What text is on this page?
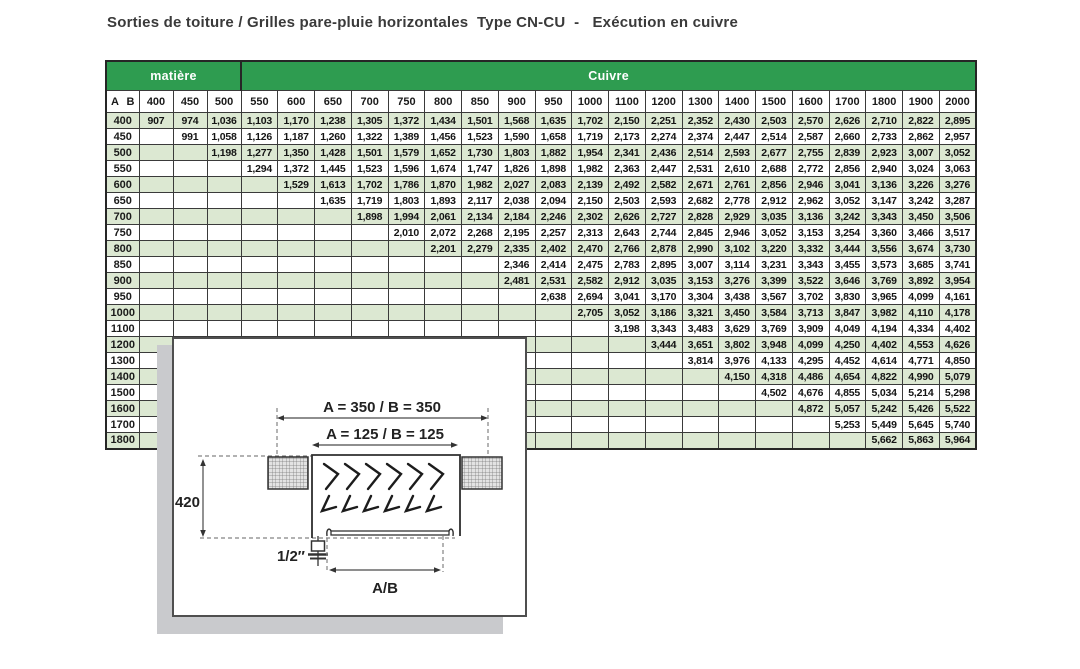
Sorties de toiture / Grilles pare-pluie horizontales  Type CN-CU  -   Exécution en cuivre
matière				Cuivre																			

A B	400	450	500	550	600	650	700	750	800	850	900	950	1000	1100	1200	1300	1400	1500	1600	1700	1800	1900	2000
400	907	974	1,036	1,103	1,170	1,238	1,305	1,372	1,434	1,501	1,568	1,635	1,702	2,150	2,251	2,352	2,430	2,503	2,570	2,626	2,710	2,822	2,895
450		991	1,058	1,126	1,187	1,260	1,322	1,389	1,456	1,523	1,590	1,658	1,719	2,173	2,274	2,374	2,447	2,514	2,587	2,660	2,733	2,862	2,957
500			1,198	1,277	1,350	1,428	1,501	1,579	1,652	1,730	1,803	1,882	1,954	2,341	2,436	2,514	2,593	2,677	2,755	2,839	2,923	3,007	3,052
550				1,294	1,372	1,445	1,523	1,596	1,674	1,747	1,826	1,898	1,982	2,363	2,447	2,531	2,610	2,688	2,772	2,856	2,940	3,024	3,063
600					1,529	1,613	1,702	1,786	1,870	1,982	2,027	2,083	2,139	2,492	2,582	2,671	2,761	2,856	2,946	3,041	3,136	3,226	3,276
650						1,635	1,719	1,803	1,893	2,117	2,038	2,094	2,150	2,503	2,593	2,682	2,778	2,912	2,962	3,052	3,147	3,242	3,287
700							1,898	1,994	2,061	2,134	2,184	2,246	2,302	2,626	2,727	2,828	2,929	3,035	3,136	3,242	3,343	3,450	3,506
750								2,010	2,072	2,268	2,195	2,257	2,313	2,643	2,744	2,845	2,946	3,052	3,153	3,254	3,360	3,466	3,517
800									2,201	2,279	2,335	2,402	2,470	2,766	2,878	2,990	3,102	3,220	3,332	3,444	3,556	3,674	3,730
850											2,346	2,414	2,475	2,783	2,895	3,007	3,114	3,231	3,343	3,455	3,573	3,685	3,741
900											2,481	2,531	2,582	2,912	3,035	3,153	3,276	3,399	3,522	3,646	3,769	3,892	3,954
950												2,638	2,694	3,041	3,170	3,304	3,438	3,567	3,702	3,830	3,965	4,099	4,161
1000													2,705	3,052	3,186	3,321	3,450	3,584	3,713	3,847	3,982	4,110	4,178
1100														3,198	3,343	3,483	3,629	3,769	3,909	4,049	4,194	4,334	4,402
1200															3,444	3,651	3,802	3,948	4,099	4,250	4,402	4,553	4,626
1300																3,814	3,976	4,133	4,295	4,452	4,614	4,771	4,850
1400																	4,150	4,318	4,486	4,654	4,822	4,990	5,079
1500																		4,502	4,676	4,855	5,034	5,214	5,298
1600																			4,872	5,057	5,242	5,426	5,522
1700																				5,253	5,449	5,645	5,740
1800																					5,662	5,863	5,964
A = 350 / B = 350
A = 125 / B = 125
420
1/2″
A/B
